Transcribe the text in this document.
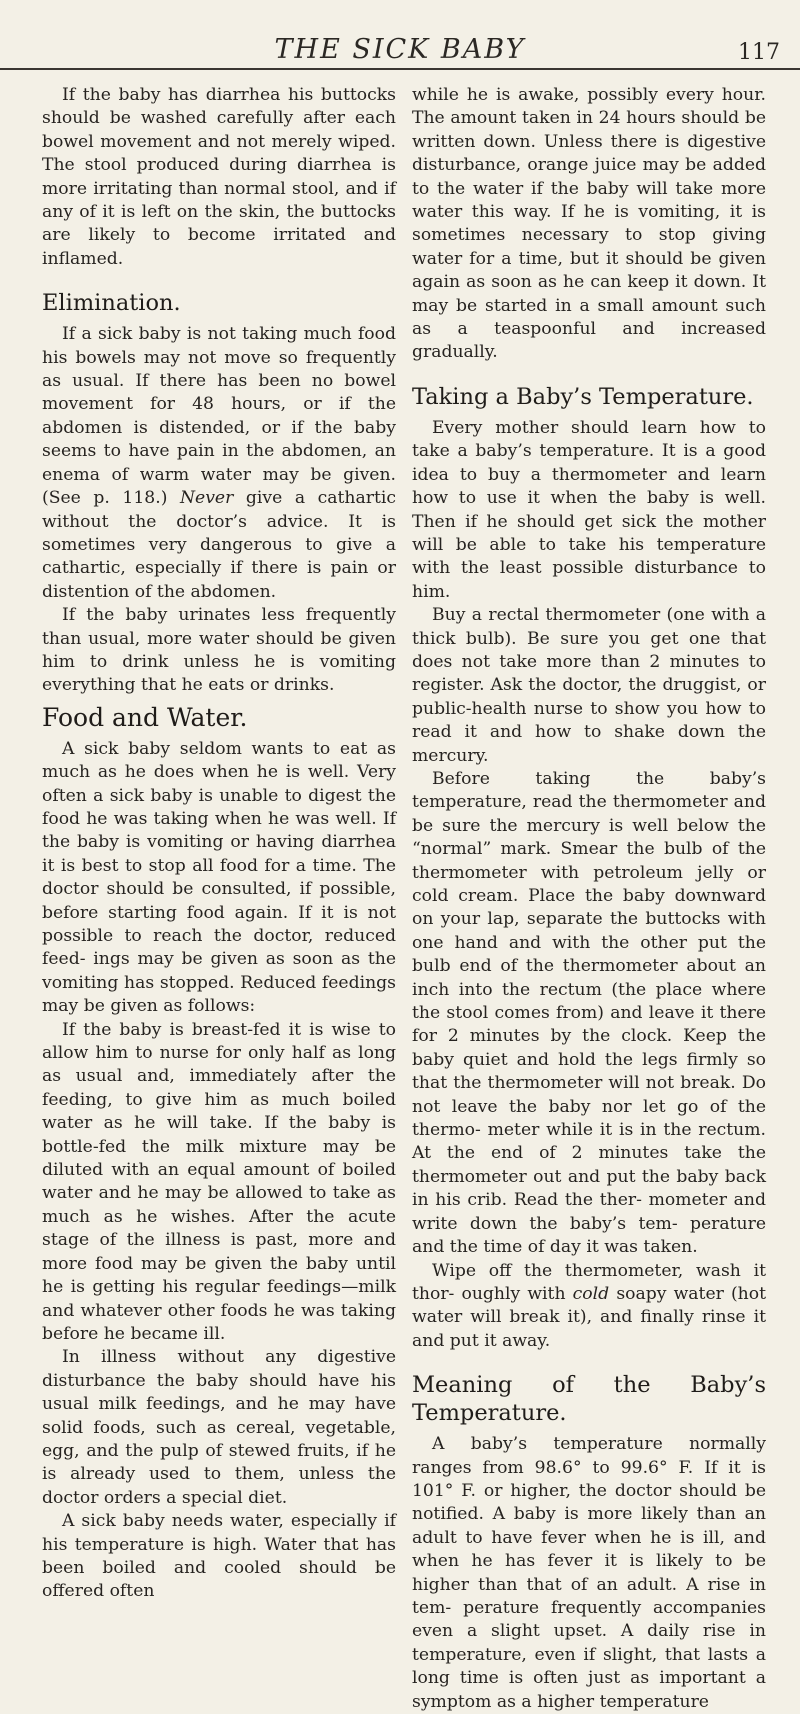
THE SICK BABY	117

If the baby has diarrhea his buttocks should be washed carefully after each bowel movement and not merely wiped. The stool produced during diarrhea is more irritating than normal stool, and if any of it is left on the skin, the buttocks are likely to become irritated and inflamed.

Elimination.

If a sick baby is not taking much food his bowels may not move so frequently as usual. If there has been no bowel movement for 48 hours, or if the abdomen is distended, or if the baby seems to have pain in the abdomen, an enema of warm water may be given. (See p. 118.) Never give a cathartic without the doctor’s advice. It is sometimes very dangerous to give a cathartic, especially if there is pain or distention of the abdomen.

If the baby urinates less frequently than usual, more water should be given him to drink unless he is vomiting everything that he eats or drinks.

Food and Water.

A sick baby seldom wants to eat as much as he does when he is well. Very often a sick baby is unable to digest the food he was taking when he was well. If the baby is vomiting or having diarrhea it is best to stop all food for a time. The doctor should be consulted, if possible, before starting food again. If it is not possible to reach the doctor, reduced feed- ings may be given as soon as the vomiting has stopped. Reduced feedings may be given as follows:

If the baby is breast-fed it is wise to allow him to nurse for only half as long as usual and, immediately after the feeding, to give him as much boiled water as he will take. If the baby is bottle-fed the milk mixture may be diluted with an equal amount of boiled water and he may be allowed to take as much as he wishes. After the acute stage of the illness is past, more and more food may be given the baby until he is getting his regular feedings—milk and whatever other foods he was taking before he became ill.

In illness without any digestive disturbance the baby should have his usual milk feedings, and he may have solid foods, such as cereal, vegetable, egg, and the pulp of stewed fruits, if he is already used to them, unless the doctor orders a special diet.

A sick baby needs water, especially if his temperature is high. Water that has been boiled and cooled should be offered often

while he is awake, possibly every hour. The amount taken in 24 hours should be written down. Unless there is digestive disturbance, orange juice may be added to the water if the baby will take more water this way. If he is vomiting, it is sometimes necessary to stop giving water for a time, but it should be given again as soon as he can keep it down. It may be started in a small amount such as a teaspoonful and increased gradually.

Taking a Baby’s Temperature.

Every mother should learn how to take a baby’s temperature. It is a good idea to buy a thermometer and learn how to use it when the baby is well. Then if he should get sick the mother will be able to take his temperature with the least possible disturbance to him.

Buy a rectal thermometer (one with a thick bulb). Be sure you get one that does not take more than 2 minutes to register. Ask the doctor, the druggist, or public-health nurse to show you how to read it and how to shake down the mercury.

Before taking the baby’s temperature, read the thermometer and be sure the mercury is well below the “normal” mark. Smear the bulb of the thermometer with petroleum jelly or cold cream. Place the baby downward on your lap, separate the buttocks with one hand and with the other put the bulb end of the thermometer about an inch into the rectum (the place where the stool comes from) and leave it there for 2 minutes by the clock. Keep the baby quiet and hold the legs firmly so that the thermometer will not break. Do not leave the baby nor let go of the thermo- meter while it is in the rectum. At the end of 2 minutes take the thermometer out and put the baby back in his crib. Read the ther- mometer and write down the baby’s tem- perature and the time of day it was taken.

Wipe off the thermometer, wash it thor- oughly with cold soapy water (hot water will break it), and finally rinse it and put it away.

Meaning of the Baby’s Temperature.

A baby’s temperature normally ranges from 98.6° to 99.6° F. If it is 101° F. or higher, the doctor should be notified. A baby is more likely than an adult to have fever when he is ill, and when he has fever it is likely to be higher than that of an adult. A rise in tem- perature frequently accompanies even a slight upset. A daily rise in temperature, even if slight, that lasts a long time is often just as important a symptom as a higher temperature
